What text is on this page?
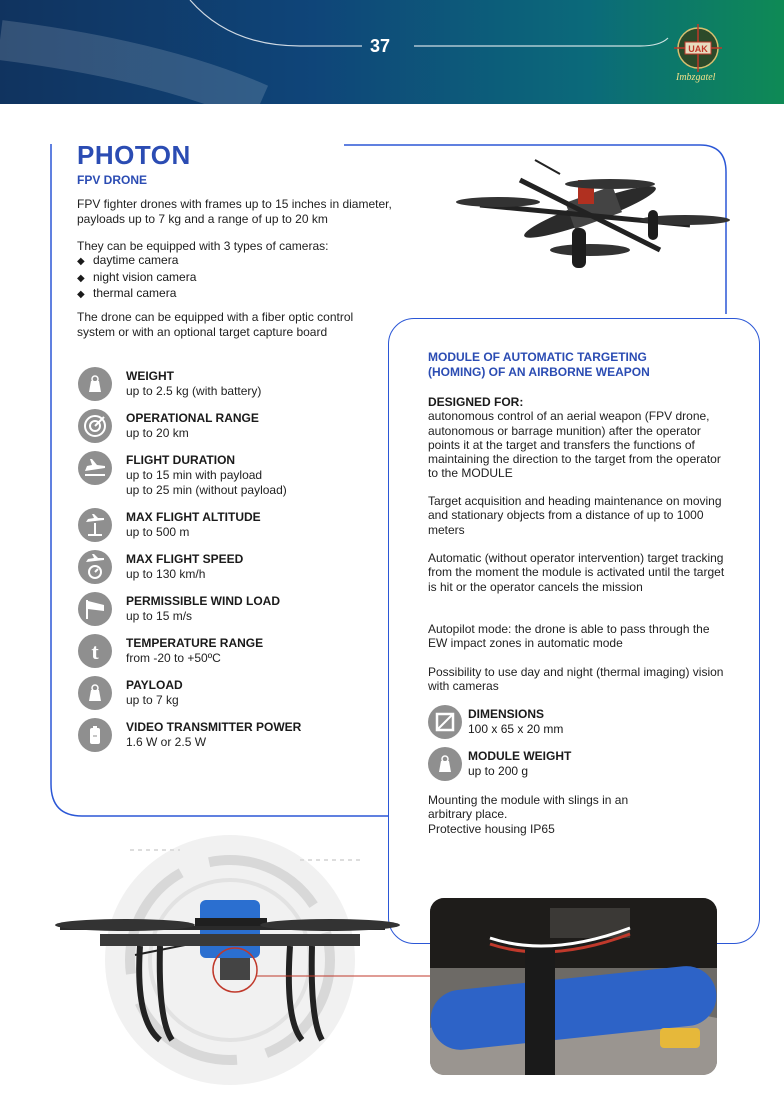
37	UAK
Imbzgatel
PHOTON
FPV DRONE
FPV fighter drones with frames up to 15 inches in diameter, payloads up to 7 kg and a range of up to 20 km
They can be equipped with 3 types of cameras:
◆ daytime camera
◆ night vision camera
◆ thermal camera
The drone can be equipped with a fiber optic control system or with an optional target capture board
WEIGHT
up to 2.5 kg (with battery)
OPERATIONAL RANGE
up to 20 km
FLIGHT DURATION
up to 15 min with payload
up to 25 min (without payload)
MAX FLIGHT ALTITUDE
up to 500 m
MAX FLIGHT SPEED
up to 130 km/h
PERMISSIBLE WIND LOAD
up to 15 m/s
t TEMPERATURE RANGE
from -20 to +50ºC
PAYLOAD
up to 7 kg
VIDEO TRANSMITTER POWER
1.6 W or 2.5 W
MODULE OF AUTOMATIC TARGETING
(HOMING) OF AN AIRBORNE WEAPON
DESIGNED FOR:
autonomous control of an aerial weapon (FPV drone, autonomous or barrage munition) after the operator points it at the target and transfers the functions of maintaining the direction to the target from the operator to the MODULE
Target acquisition and heading maintenance on moving and stationary objects from a distance of up to 1000 meters
Automatic (without operator intervention) target tracking from the moment the module is activated until the target is hit or the operator cancels the mission
Autopilot mode: the drone is able to pass through the EW impact zones in automatic mode
Possibility to use day and night (thermal imaging) vision with cameras
DIMENSIONS
100 x 65 x 20 mm
MODULE WEIGHT
up to 200 g
Mounting the module with slings in an arbitrary place.
Protective housing IP65
